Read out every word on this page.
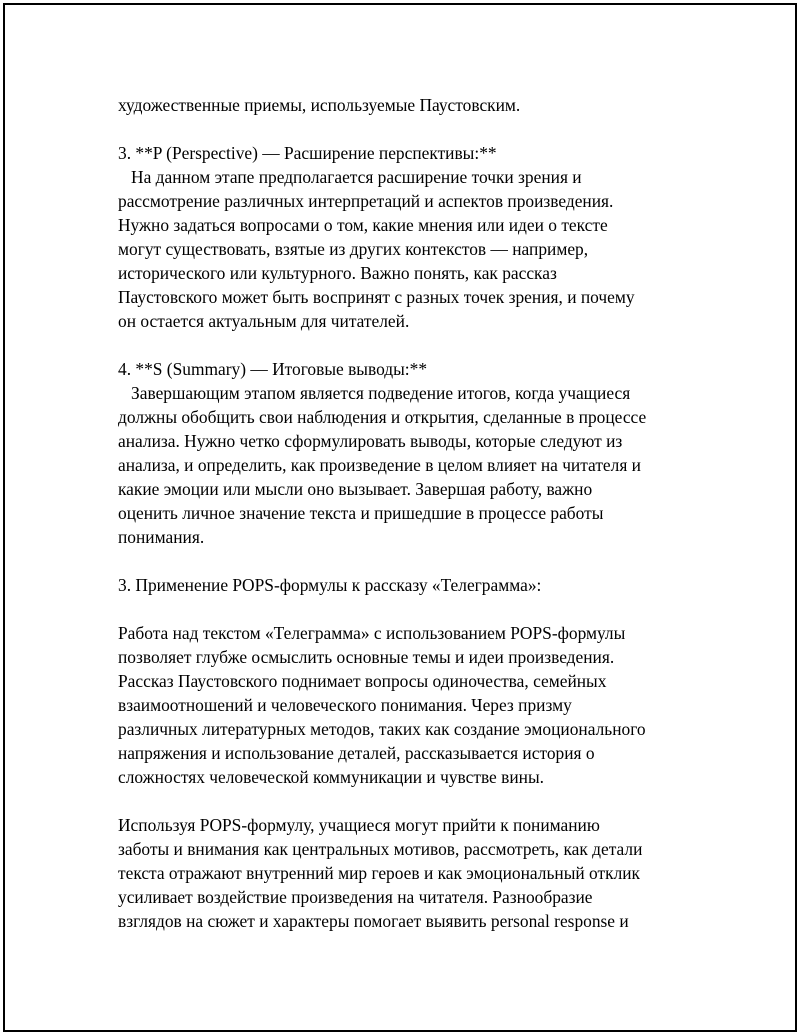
художественные приемы, используемые Паустовским.
3. **P (Perspective) — Расширение перспективы:**
На данном этапе предполагается расширение точки зрения и
рассмотрение различных интерпретаций и аспектов произведения.
Нужно задаться вопросами о том, какие мнения или идеи о тексте
могут существовать, взятые из других контекстов — например,
исторического или культурного. Важно понять, как рассказ
Паустовского может быть воспринят с разных точек зрения, и почему
он остается актуальным для читателей.
4. **S (Summary) — Итоговые выводы:**
Завершающим этапом является подведение итогов, когда учащиеся
должны обобщить свои наблюдения и открытия, сделанные в процессе
анализа. Нужно четко сформулировать выводы, которые следуют из
анализа, и определить, как произведение в целом влияет на читателя и
какие эмоции или мысли оно вызывает. Завершая работу, важно
оценить личное значение текста и пришедшие в процессе работы
понимания.
3. Применение POPS-формулы к рассказу «Телеграмма»:
Работа над текстом «Телеграмма» с использованием POPS-формулы
позволяет глубже осмыслить основные темы и идеи произведения.
Рассказ Паустовского поднимает вопросы одиночества, семейных
взаимоотношений и человеческого понимания. Через призму
различных литературных методов, таких как создание эмоционального
напряжения и использование деталей, рассказывается история о
сложностях человеческой коммуникации и чувстве вины.
Используя POPS-формулу, учащиеся могут прийти к пониманию
заботы и внимания как центральных мотивов, рассмотреть, как детали
текста отражают внутренний мир героев и как эмоциональный отклик
усиливает воздействие произведения на читателя. Разнообразие
взглядов на сюжет и характеры помогает выявить personal response и
